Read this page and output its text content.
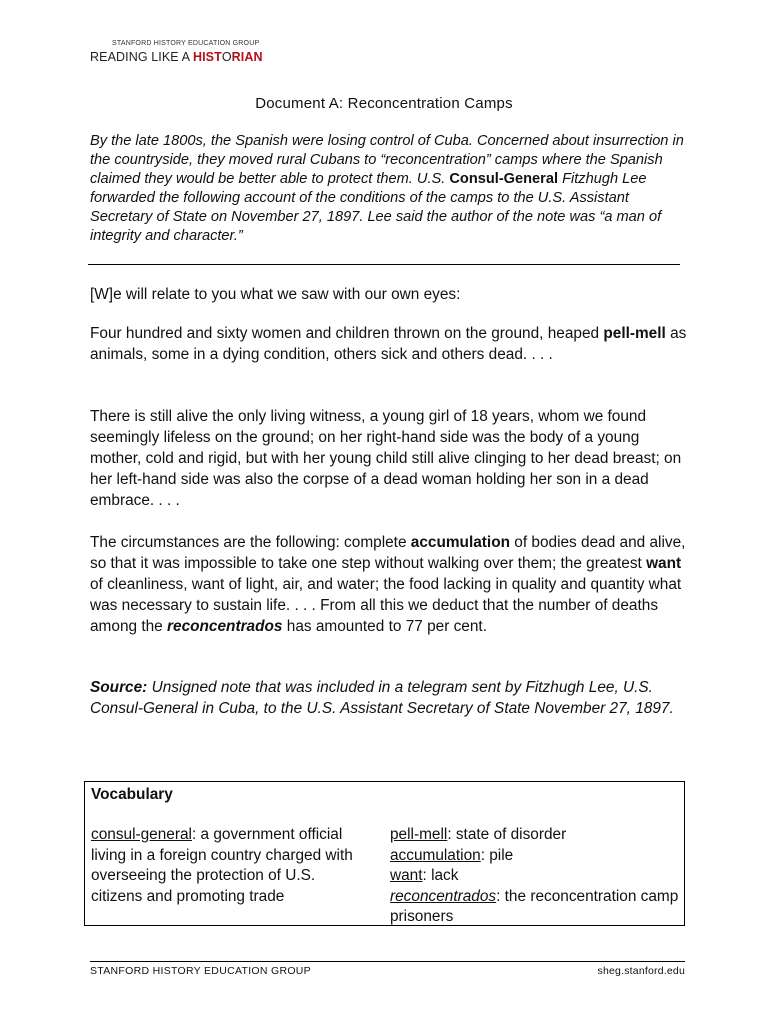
STANFORD HISTORY EDUCATION GROUP
READING LIKE A HISTORIAN
Document A: Reconcentration Camps
By the late 1800s, the Spanish were losing control of Cuba. Concerned about insurrection in the countryside, they moved rural Cubans to “reconcentration” camps where the Spanish claimed they would be better able to protect them. U.S. Consul-General Fitzhugh Lee forwarded the following account of the conditions of the camps to the U.S. Assistant Secretary of State on November 27, 1897. Lee said the author of the note was “a man of integrity and character.”
[W]e will relate to you what we saw with our own eyes:
Four hundred and sixty women and children thrown on the ground, heaped pell-mell as animals, some in a dying condition, others sick and others dead. . . .
There is still alive the only living witness, a young girl of 18 years, whom we found seemingly lifeless on the ground; on her right-hand side was the body of a young mother, cold and rigid, but with her young child still alive clinging to her dead breast; on her left-hand side was also the corpse of a dead woman holding her son in a dead embrace. . . .
The circumstances are the following: complete accumulation of bodies dead and alive, so that it was impossible to take one step without walking over them; the greatest want of cleanliness, want of light, air, and water; the food lacking in quality and quantity what was necessary to sustain life. . . . From all this we deduct that the number of deaths among the reconcentrados has amounted to 77 per cent.
Source: Unsigned note that was included in a telegram sent by Fitzhugh Lee, U.S. Consul-General in Cuba, to the U.S. Assistant Secretary of State November 27, 1897.
Vocabulary
consul-general: a government official living in a foreign country charged with overseeing the protection of U.S. citizens and promoting trade
pell-mell: state of disorder
accumulation: pile
want: lack
reconcentrados: the reconcentration camp prisoners
STANFORD HISTORY EDUCATION GROUP	sheg.stanford.edu
